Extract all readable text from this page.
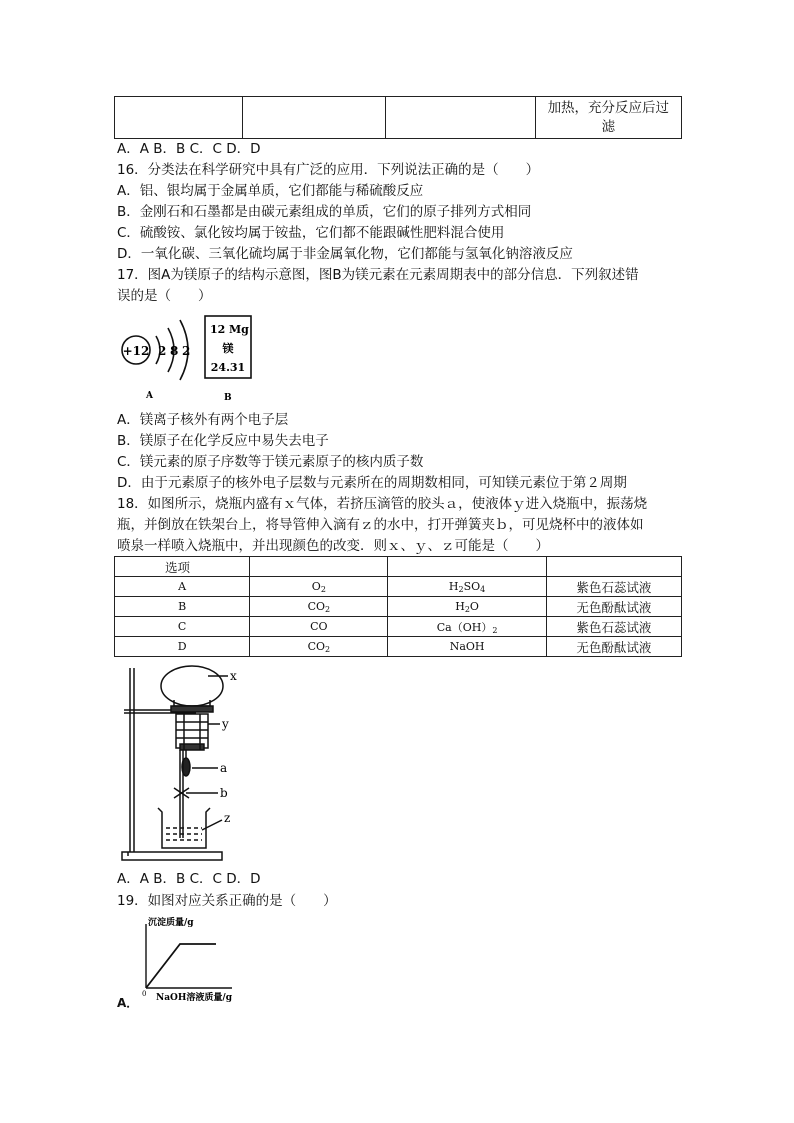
			加热，充分反应后过
滤
A．A B．B C．C D．D
16．分类法在科学研究中具有广泛的应用．下列说法正确的是（　　）
A．铝、银均属于金属单质，它们都能与稀硫酸反应
B．金刚石和石墨都是由碳元素组成的单质，它们的原子排列方式相同
C．硫酸铵、氯化铵均属于铵盐，它们都不能跟碱性肥料混合使用
D．一氧化碳、三氧化硫均属于非金属氧化物，它们都能与氢氧化钠溶液反应
17．图A为镁原子的结构示意图，图B为镁元素在元素周期表中的部分信息．下列叙述错
误的是（　　）
+12 2 8 2
A
12 Mg
镁
24.31
B
A．镁离子核外有两个电子层
B．镁原子在化学反应中易失去电子
C．镁元素的原子序数等于镁元素原子的核内质子数
D．由于元素原子的核外电子层数与元素所在的周期数相同，可知镁元素位于第２周期
18．如图所示，烧瓶内盛有ｘ气体，若挤压滴管的胶头ａ，使液体ｙ进入烧瓶中，振荡烧
瓶，并倒放在铁架台上，将导管伸入滴有ｚ的水中，打开弹簧夹ｂ，可见烧杯中的液体如
喷泉一样喷入烧瓶中，并出现颜色的改变．则ｘ、ｙ、ｚ可能是（　　）
选项			
A	$O_2$	$H_2SO_4$	紫色石蕊试液
B	$CO_2$	$H_2O$	无色酚酞试液
C	CO	$Ca(OH)_2$	紫色石蕊试液
D	$CO_2$	NaOH	无色酚酞试液
x
y
a
b
z
A．A B．B C．C D．D
19．如图对应关系正确的是（　　）
沉淀质量/g
0 NaOH溶液质量/g
A．
